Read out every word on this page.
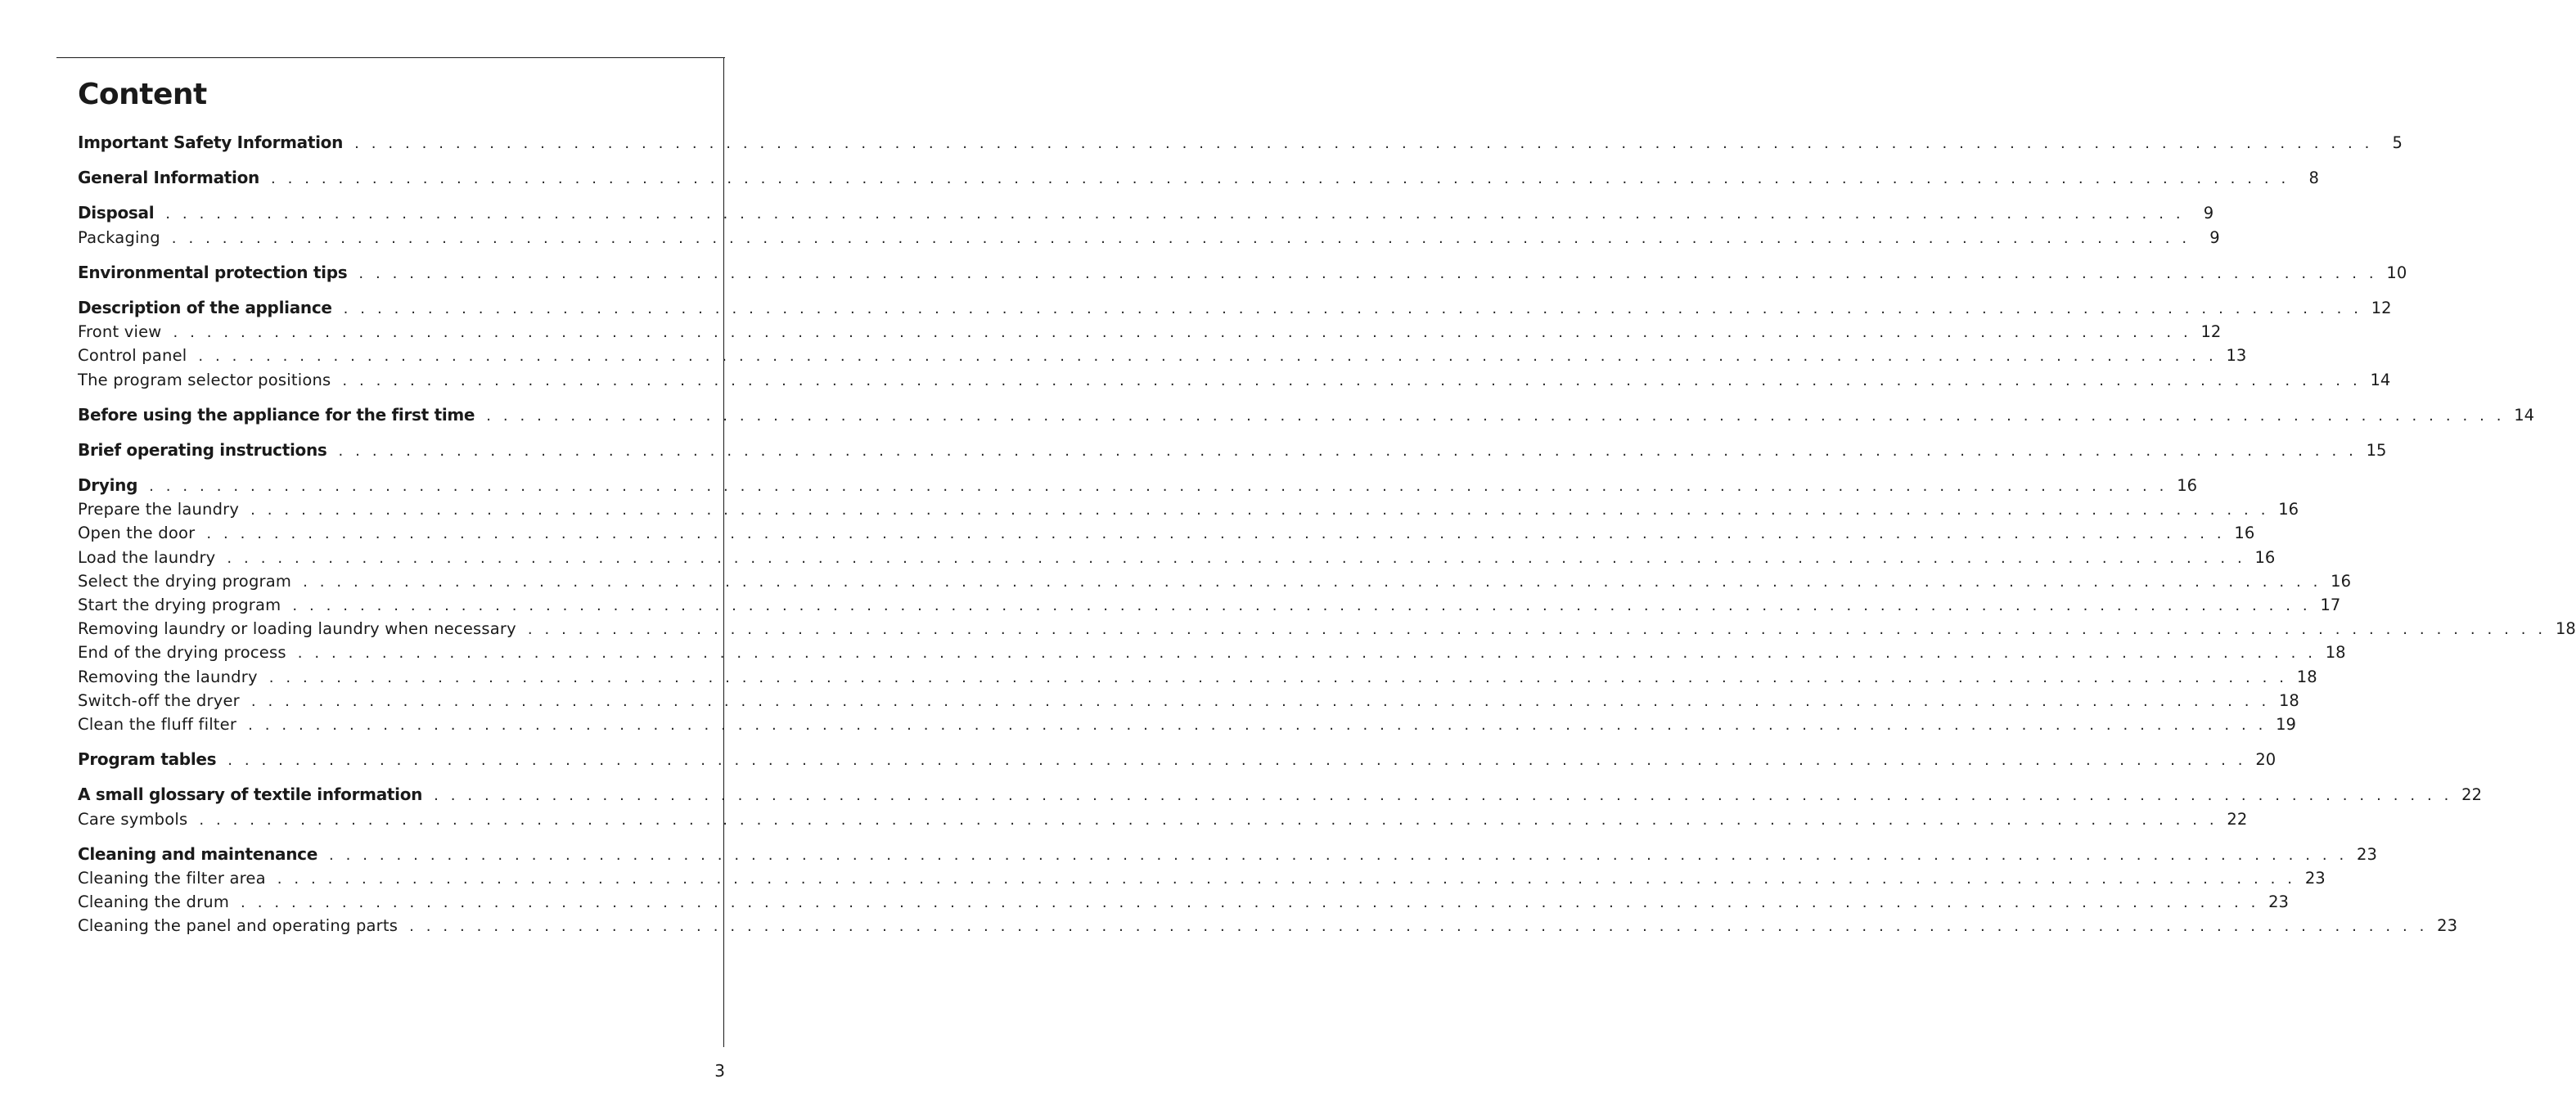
Content
Important Safety Information . . . . . . . . . . . . . . . . . . . . . . . . . . . . . . . . . . . . . . . . . . . . . . . . . . . . . . . . . . . . . . . . . . . . . . . . . . . . . . . . . . . . . . . . . . . . . . . . . . . . . . . . . . . . . . . . . . . . . . . .	5
General Information . . . . . . . . . . . . . . . . . . . . . . . . . . . . . . . . . . . . . . . . . . . . . . . . . . . . . . . . . . . . . . . . . . . . . . . . . . . . . . . . . . . . . . . . . . . . . . . . . . . . . . . . . . . . . . . . . . . . . . . .	8
Disposal . . . . . . . . . . . . . . . . . . . . . . . . . . . . . . . . . . . . . . . . . . . . . . . . . . . . . . . . . . . . . . . . . . . . . . . . . . . . . . . . . . . . . . . . . . . . . . . . . . . . . . . . . . . . . . . . . . . . . . . .	9
Packaging . . . . . . . . . . . . . . . . . . . . . . . . . . . . . . . . . . . . . . . . . . . . . . . . . . . . . . . . . . . . . . . . . . . . . . . . . . . . . . . . . . . . . . . . . . . . . . . . . . . . . . . . . . . . . . . . . . . . . . . .	9
Environmental protection tips . . . . . . . . . . . . . . . . . . . . . . . . . . . . . . . . . . . . . . . . . . . . . . . . . . . . . . . . . . . . . . . . . . . . . . . . . . . . . . . . . . . . . . . . . . . . . . . . . . . . . . . . . . . . . . . . . . . . . . . . 10
Description of the appliance . . . . . . . . . . . . . . . . . . . . . . . . . . . . . . . . . . . . . . . . . . . . . . . . . . . . . . . . . . . . . . . . . . . . . . . . . . . . . . . . . . . . . . . . . . . . . . . . . . . . . . . . . . . . . . . . . . . . . . . . 12
Front view . . . . . . . . . . . . . . . . . . . . . . . . . . . . . . . . . . . . . . . . . . . . . . . . . . . . . . . . . . . . . . . . . . . . . . . . . . . . . . . . . . . . . . . . . . . . . . . . . . . . . . . . . . . . . . . . . . . . . . . . 12
Control panel . . . . . . . . . . . . . . . . . . . . . . . . . . . . . . . . . . . . . . . . . . . . . . . . . . . . . . . . . . . . . . . . . . . . . . . . . . . . . . . . . . . . . . . . . . . . . . . . . . . . . . . . . . . . . . . . . . . . . . . . 13
The program selector positions . . . . . . . . . . . . . . . . . . . . . . . . . . . . . . . . . . . . . . . . . . . . . . . . . . . . . . . . . . . . . . . . . . . . . . . . . . . . . . . . . . . . . . . . . . . . . . . . . . . . . . . . . . . . . . . . . . . . . . . . 14
Before using the appliance for the first time . . . . . . . . . . . . . . . . . . . . . . . . . . . . . . . . . . . . . . . . . . . . . . . . . . . . . . . . . . . . . . . . . . . . . . . . . . . . . . . . . . . . . . . . . . . . . . . . . . . . . . . . . . . . . . . . . . . . . . . . 14
Brief operating instructions . . . . . . . . . . . . . . . . . . . . . . . . . . . . . . . . . . . . . . . . . . . . . . . . . . . . . . . . . . . . . . . . . . . . . . . . . . . . . . . . . . . . . . . . . . . . . . . . . . . . . . . . . . . . . . . . . . . . . . . . 15
Drying . . . . . . . . . . . . . . . . . . . . . . . . . . . . . . . . . . . . . . . . . . . . . . . . . . . . . . . . . . . . . . . . . . . . . . . . . . . . . . . . . . . . . . . . . . . . . . . . . . . . . . . . . . . . . . . . . . . . . . . . 16
Prepare the laundry . . . . . . . . . . . . . . . . . . . . . . . . . . . . . . . . . . . . . . . . . . . . . . . . . . . . . . . . . . . . . . . . . . . . . . . . . . . . . . . . . . . . . . . . . . . . . . . . . . . . . . . . . . . . . . . . . . . . . . . . 16
Open the door . . . . . . . . . . . . . . . . . . . . . . . . . . . . . . . . . . . . . . . . . . . . . . . . . . . . . . . . . . . . . . . . . . . . . . . . . . . . . . . . . . . . . . . . . . . . . . . . . . . . . . . . . . . . . . . . . . . . . . . . 16
Load the laundry . . . . . . . . . . . . . . . . . . . . . . . . . . . . . . . . . . . . . . . . . . . . . . . . . . . . . . . . . . . . . . . . . . . . . . . . . . . . . . . . . . . . . . . . . . . . . . . . . . . . . . . . . . . . . . . . . . . . . . . . 16
Select the drying program . . . . . . . . . . . . . . . . . . . . . . . . . . . . . . . . . . . . . . . . . . . . . . . . . . . . . . . . . . . . . . . . . . . . . . . . . . . . . . . . . . . . . . . . . . . . . . . . . . . . . . . . . . . . . . . . . . . . . . . . 16
Start the drying program . . . . . . . . . . . . . . . . . . . . . . . . . . . . . . . . . . . . . . . . . . . . . . . . . . . . . . . . . . . . . . . . . . . . . . . . . . . . . . . . . . . . . . . . . . . . . . . . . . . . . . . . . . . . . . . . . . . . . . . . 17
Removing laundry or loading laundry when necessary . . . . . . . . . . . . . . . . . . . . . . . . . . . . . . . . . . . . . . . . . . . . . . . . . . . . . . . . . . . . . . . . . . . . . . . . . . . . . . . . . . . . . . . . . . . . . . . . . . . . . . . . . . . . . . . . . . . . . . . . 18
End of the drying process . . . . . . . . . . . . . . . . . . . . . . . . . . . . . . . . . . . . . . . . . . . . . . . . . . . . . . . . . . . . . . . . . . . . . . . . . . . . . . . . . . . . . . . . . . . . . . . . . . . . . . . . . . . . . . . . . . . . . . . . 18
Removing the laundry . . . . . . . . . . . . . . . . . . . . . . . . . . . . . . . . . . . . . . . . . . . . . . . . . . . . . . . . . . . . . . . . . . . . . . . . . . . . . . . . . . . . . . . . . . . . . . . . . . . . . . . . . . . . . . . . . . . . . . . . 18
Switch-off the dryer . . . . . . . . . . . . . . . . . . . . . . . . . . . . . . . . . . . . . . . . . . . . . . . . . . . . . . . . . . . . . . . . . . . . . . . . . . . . . . . . . . . . . . . . . . . . . . . . . . . . . . . . . . . . . . . . . . . . . . . . 18
Clean the fluff filter . . . . . . . . . . . . . . . . . . . . . . . . . . . . . . . . . . . . . . . . . . . . . . . . . . . . . . . . . . . . . . . . . . . . . . . . . . . . . . . . . . . . . . . . . . . . . . . . . . . . . . . . . . . . . . . . . . . . . . . . 19
Program tables . . . . . . . . . . . . . . . . . . . . . . . . . . . . . . . . . . . . . . . . . . . . . . . . . . . . . . . . . . . . . . . . . . . . . . . . . . . . . . . . . . . . . . . . . . . . . . . . . . . . . . . . . . . . . . . . . . . . . . . . 20
A small glossary of textile information . . . . . . . . . . . . . . . . . . . . . . . . . . . . . . . . . . . . . . . . . . . . . . . . . . . . . . . . . . . . . . . . . . . . . . . . . . . . . . . . . . . . . . . . . . . . . . . . . . . . . . . . . . . . . . . . . . . . . . . . 22
Care symbols . . . . . . . . . . . . . . . . . . . . . . . . . . . . . . . . . . . . . . . . . . . . . . . . . . . . . . . . . . . . . . . . . . . . . . . . . . . . . . . . . . . . . . . . . . . . . . . . . . . . . . . . . . . . . . . . . . . . . . . . 22
Cleaning and maintenance . . . . . . . . . . . . . . . . . . . . . . . . . . . . . . . . . . . . . . . . . . . . . . . . . . . . . . . . . . . . . . . . . . . . . . . . . . . . . . . . . . . . . . . . . . . . . . . . . . . . . . . . . . . . . . . . . . . . . . . . 23
Cleaning the filter area . . . . . . . . . . . . . . . . . . . . . . . . . . . . . . . . . . . . . . . . . . . . . . . . . . . . . . . . . . . . . . . . . . . . . . . . . . . . . . . . . . . . . . . . . . . . . . . . . . . . . . . . . . . . . . . . . . . . . . . . 23
Cleaning the drum . . . . . . . . . . . . . . . . . . . . . . . . . . . . . . . . . . . . . . . . . . . . . . . . . . . . . . . . . . . . . . . . . . . . . . . . . . . . . . . . . . . . . . . . . . . . . . . . . . . . . . . . . . . . . . . . . . . . . . . . 23
Cleaning the panel and operating parts . . . . . . . . . . . . . . . . . . . . . . . . . . . . . . . . . . . . . . . . . . . . . . . . . . . . . . . . . . . . . . . . . . . . . . . . . . . . . . . . . . . . . . . . . . . . . . . . . . . . . . . . . . . . . . . . . . . . . . . . 23
3
